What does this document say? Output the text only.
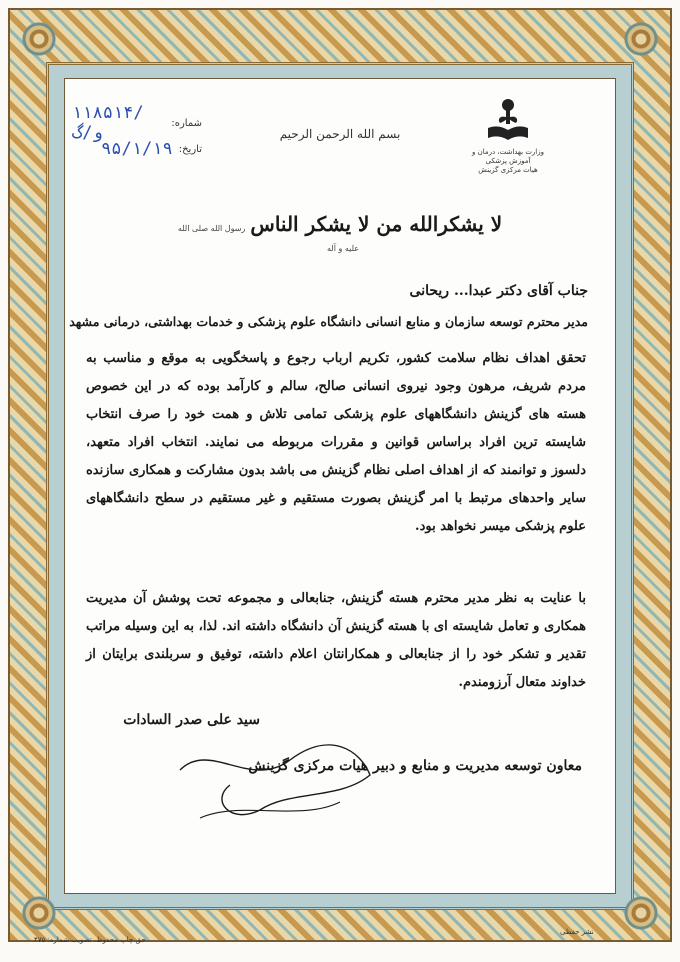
وزارت بهداشت، درمان و آموزش پزشکی
هیات مرکزی گزینش
بسم الله الرحمن الرحیم
شماره:
۱۱۸۵۱۴/ و/گ
تاریخ:
۹۵/۱/۱۹
لا یشکرالله من لا یشکر الناس رسول الله صلی الله علیه و آله
جناب آقای دکتر عبدا... ریحانی
مدیر محترم توسعه سازمان و منابع انسانی دانشگاه علوم پزشکی و خدمات بهداشتی، درمانی مشهد
تحقق اهداف نظام سلامت کشور، تکریم ارباب رجوع و پاسخگویی به موقع و مناسب به مردم شریف، مرهون وجود نیروی انسانی صالح، سالم و کارآمد بوده که در این خصوص هسته های گزینش دانشگاههای علوم پزشکی تمامی تلاش و همت خود را صرف انتخاب شایسته ترین افراد براساس قوانین و مقررات مربوطه می نمایند. انتخاب افراد متعهد، دلسوز و توانمند که از اهداف اصلی نظام گزینش می باشد بدون مشارکت و همکاری سازنده سایر واحدهای مرتبط با امر گزینش بصورت مستقیم و غیر مستقیم در سطح دانشگاههای علوم پزشکی میسر نخواهد بود.
با عنایت به نظر مدیر محترم هسته گزینش، جنابعالی و مجموعه تحت پوشش آن مدیریت همکاری و تعامل شایسته ای با هسته گزینش آن دانشگاه داشته اند. لذا، به این وسیله مراتب تقدیر و تشکر خود را از جنابعالی و همکارانتان اعلام داشته، توفیق و سربلندی برایتان از خداوند متعال آرزومندم.
سید علی صدر السادات
معاون توسعه مدیریت و منابع و دبیر هیات مرکزی گزینش
حق چاپ محفوظ. تصویب شماره: ۴۷۵
نشر حفظی
